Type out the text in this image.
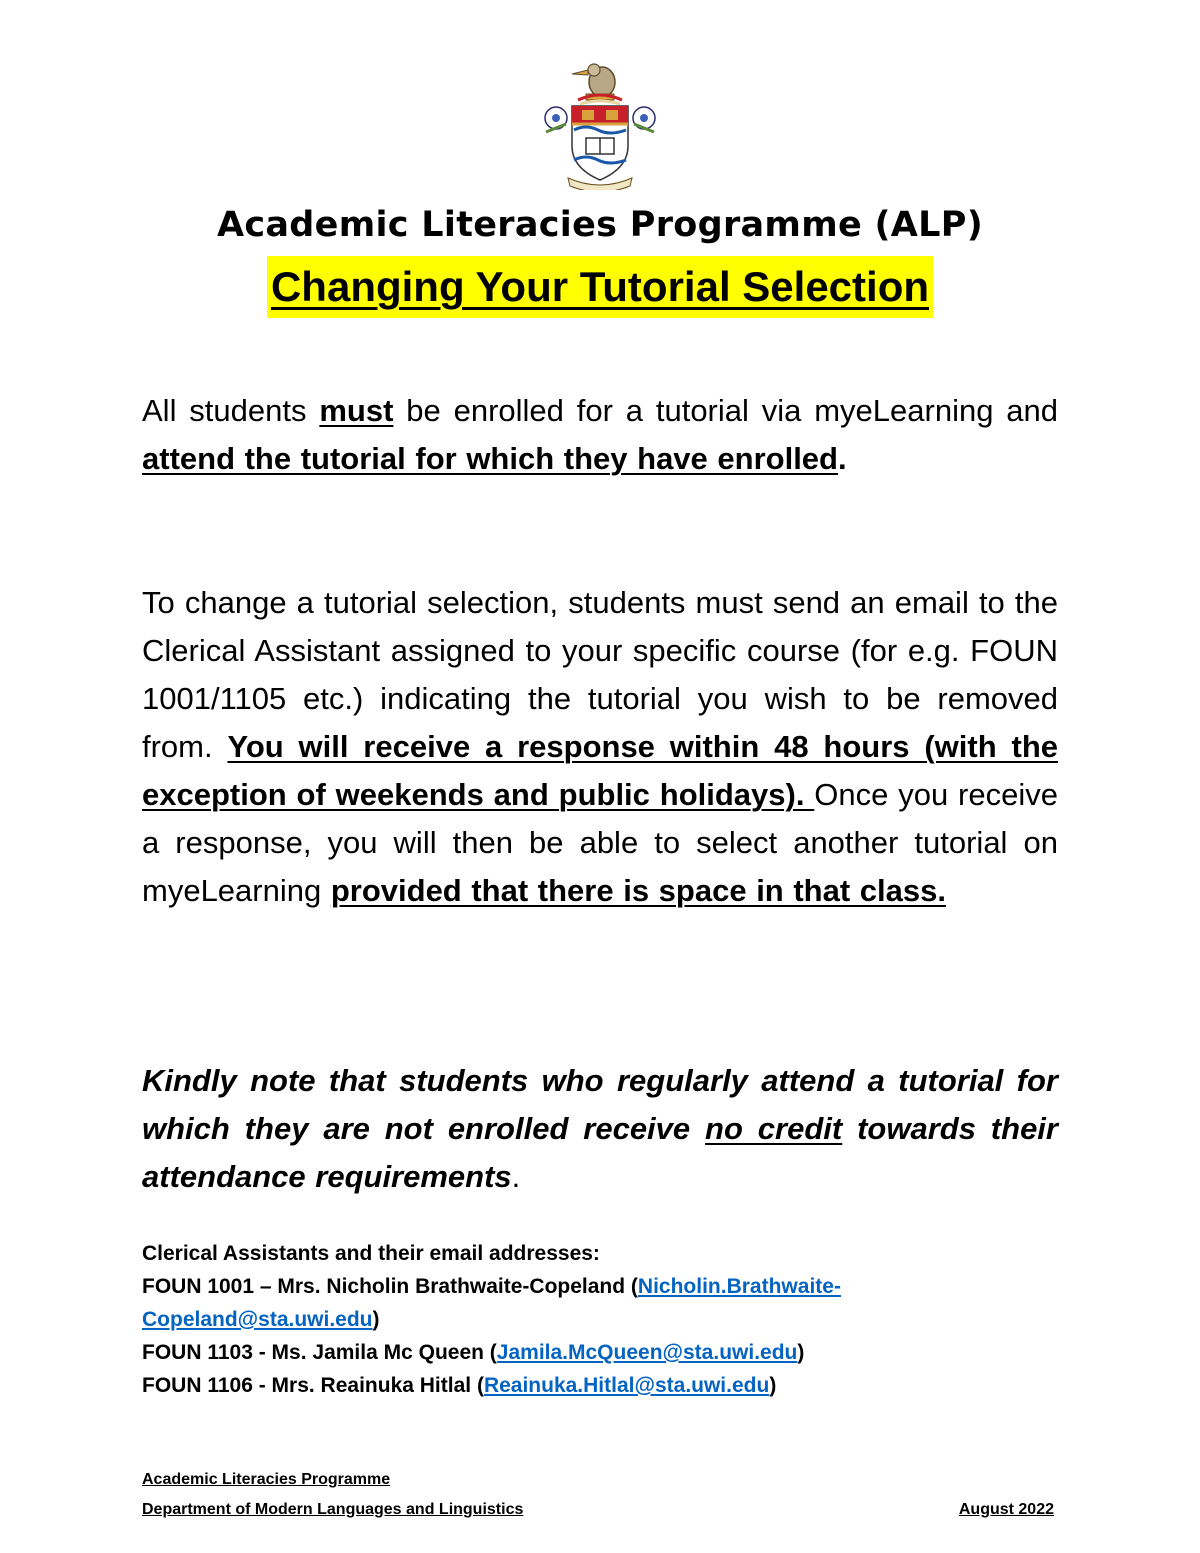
Academic Literacies Programme (ALP)
Changing Your Tutorial Selection
All students must be enrolled for a tutorial via myeLearning and attend the tutorial for which they have enrolled.
To change a tutorial selection, students must send an email to the Clerical Assistant assigned to your specific course (for e.g. FOUN 1001/1105 etc.) indicating the tutorial you wish to be removed from. You will receive a response within 48 hours (with the exception of weekends and public holidays). Once you receive a response, you will then be able to select another tutorial on myeLearning provided that there is space in that class.
Kindly note that students who regularly attend a tutorial for which they are not enrolled receive no credit towards their attendance requirements.
Clerical Assistants and their email addresses:
FOUN 1001 – Mrs. Nicholin Brathwaite-Copeland (Nicholin.Brathwaite-
Copeland@sta.uwi.edu)
FOUN 1103 - Ms. Jamila Mc Queen (Jamila.McQueen@sta.uwi.edu)
FOUN 1106 - Mrs. Reainuka Hitlal (Reainuka.Hitlal@sta.uwi.edu)
Academic Literacies Programme
Department of Modern Languages and Linguistics	August 2022
